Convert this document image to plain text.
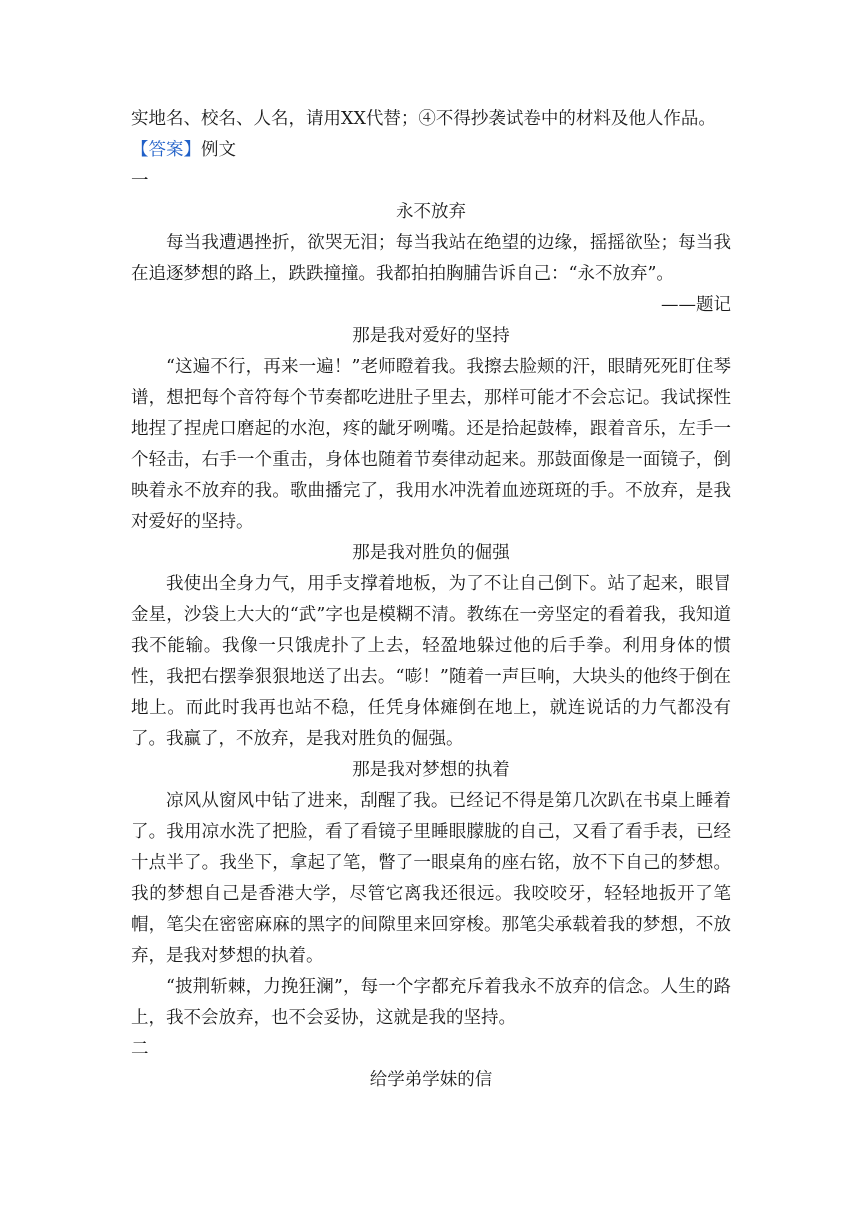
实地名、校名、人名，请用XX代替；④不得抄袭试卷中的材料及他人作品。
【答案】例文
一
永不放弃

每当我遭遇挫折，欲哭无泪；每当我站在绝望的边缘，摇摇欲坠；每当我在追逐梦想的路上，跌跌撞撞。我都拍拍胸脯告诉自己：“永不放弃”。

——题记
那是我对爱好的坚持

“这遍不行，再来一遍！”老师瞪着我。我擦去脸颊的汗，眼睛死死盯住琴谱，想把每个音符每个节奏都吃进肚子里去，那样可能才不会忘记。我试探性地捏了捏虎口磨起的水泡，疼的龇牙咧嘴。还是拾起鼓棒，跟着音乐，左手一个轻击，右手一个重击，身体也随着节奏律动起来。那鼓面像是一面镜子，倒映着永不放弃的我。歌曲播完了，我用水冲洗着血迹斑斑的手。不放弃，是我对爱好的坚持。

那是我对胜负的倔强

我使出全身力气，用手支撑着地板，为了不让自己倒下。站了起来，眼冒金星，沙袋上大大的“武”字也是模糊不清。教练在一旁坚定的看着我，我知道我不能输。我像一只饿虎扑了上去，轻盈地躲过他的后手拳。利用身体的惯性，我把右摆拳狠狠地送了出去。“嘭！”随着一声巨响，大块头的他终于倒在地上。而此时我再也站不稳，任凭身体瘫倒在地上，就连说话的力气都没有了。我赢了，不放弃，是我对胜负的倔强。

那是我对梦想的执着

凉风从窗风中钻了进来，刮醒了我。已经记不得是第几次趴在书桌上睡着了。我用凉水洗了把脸，看了看镜子里睡眼朦胧的自己，又看了看手表，已经十点半了。我坐下，拿起了笔，瞥了一眼桌角的座右铭，放不下自己的梦想。我的梦想自己是香港大学，尽管它离我还很远。我咬咬牙，轻轻地扳开了笔帽，笔尖在密密麻麻的黑字的间隙里来回穿梭。那笔尖承载着我的梦想，不放弃，是我对梦想的执着。

“披荆斩棘，力挽狂澜”，每一个字都充斥着我永不放弃的信念。人生的路上，我不会放弃，也不会妥协，这就是我的坚持。

二
给学弟学妹的信
